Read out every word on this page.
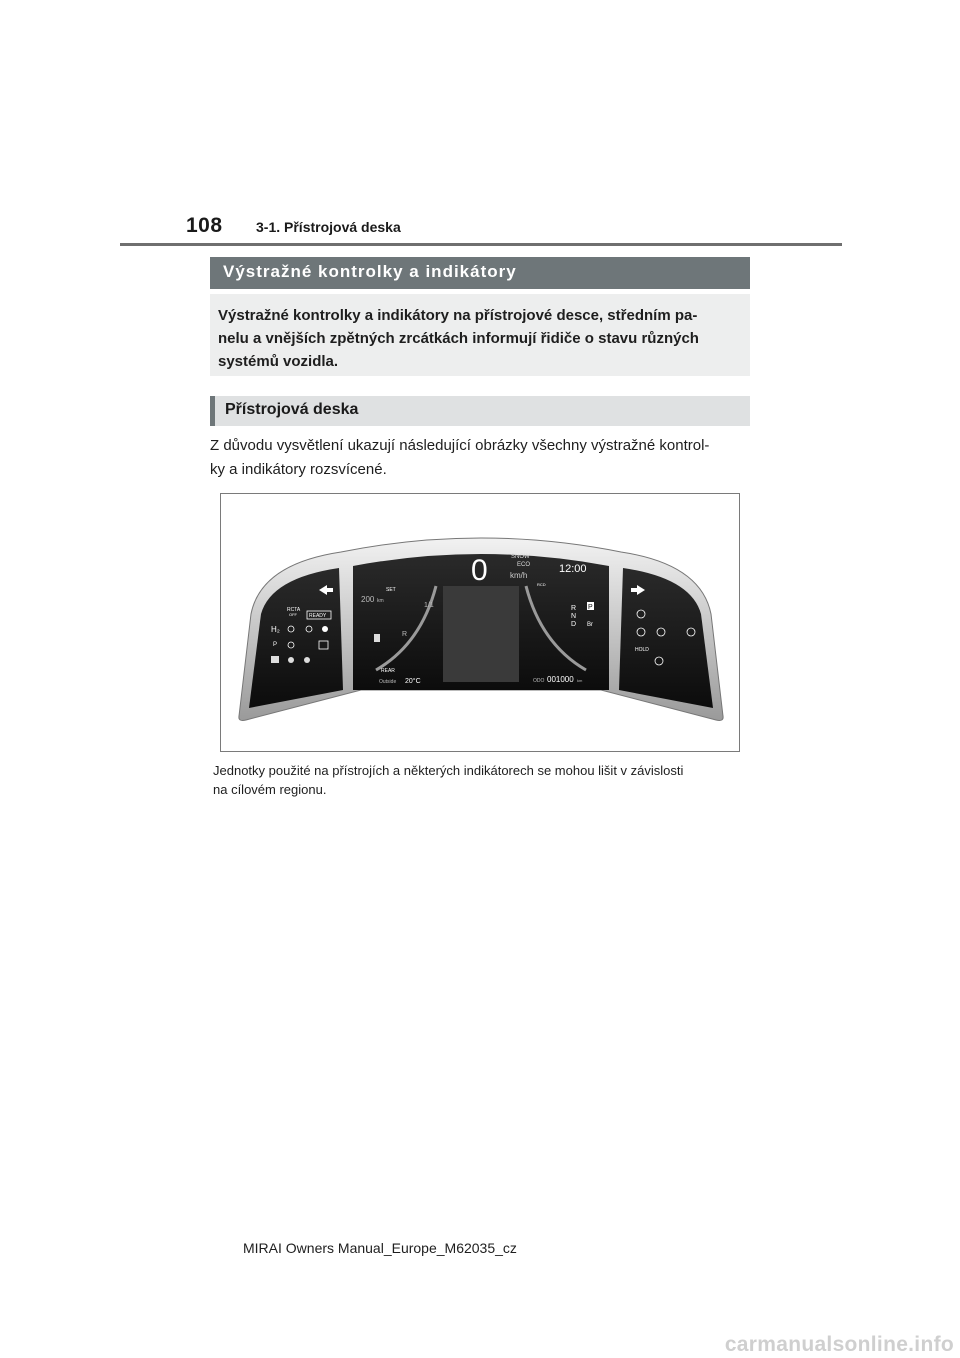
108 3-1. Přístrojová deska
Výstražné kontrolky a indikátory
Výstražné kontrolky a indikátory na přístrojové desce, středním pa-
nelu a vnějších zpětných zrcátkách informují řidiče o stavu různých
systémů vozidla.
Přístrojová deska
Z důvodu vysvětlení ukazují následující obrázky všechny výstražné kontrol-
ky a indikátory rozsvícené.
0	SNOW
ECO
km/h
12:00
SET
200 km
1/1
R
RCD
REAR
Outside 20°C	ODO 001000 km
R
N
D
P
Br
RCTA
OFF READY
H₂
P
HOLD
Jednotky použité na přístrojích a některých indikátorech se mohou lišit v závislosti
na cílovém regionu.
MIRAI Owners Manual_Europe_M62035_cz
carmanualsonline.info
